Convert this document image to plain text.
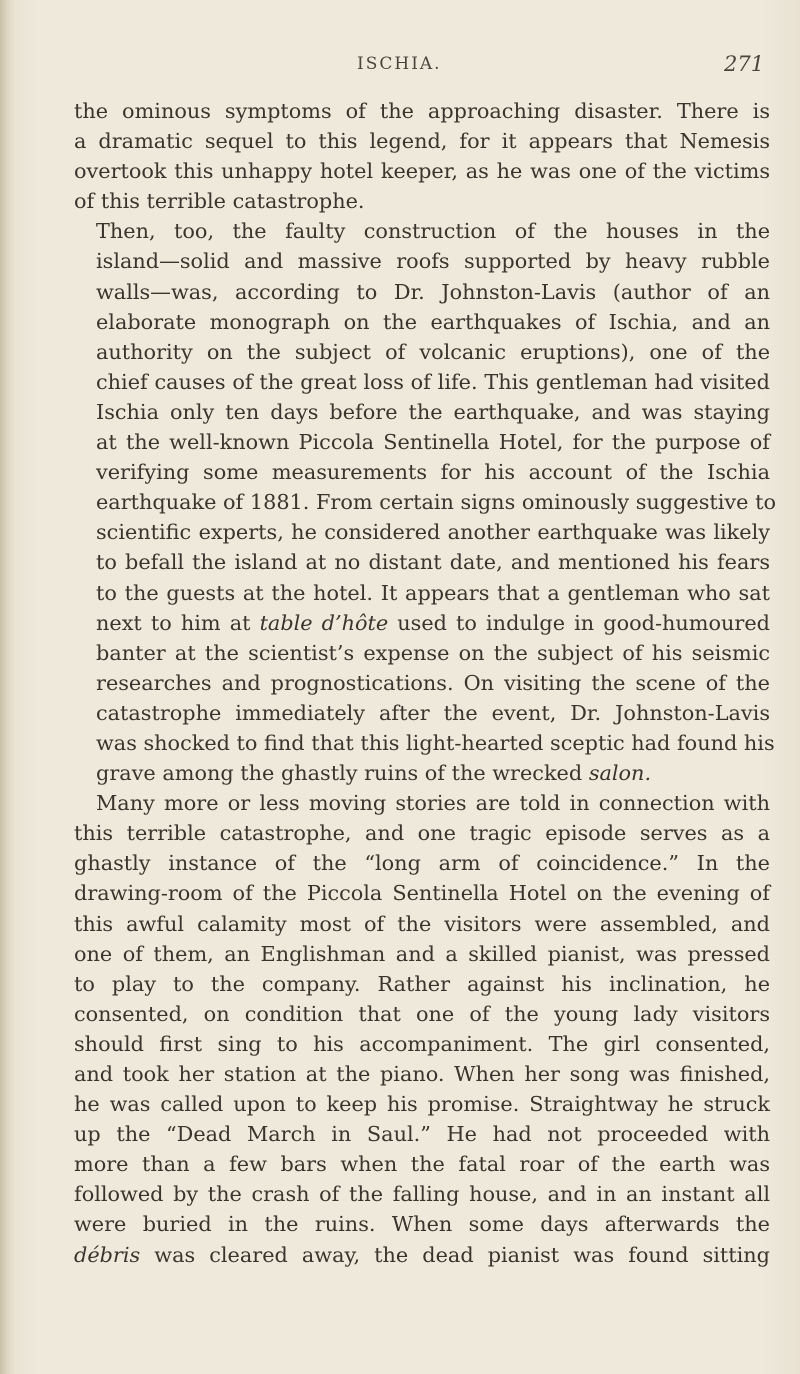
ISCHIA.	271

the ominous symptoms of the approaching disaster. There is
a dramatic sequel to this legend, for it appears that Nemesis
overtook this unhappy hotel keeper, as he was one of the victims
of this terrible catastrophe.

Then, too, the faulty construction of the houses in the
island—solid and massive roofs supported by heavy rubble
walls—was, according to Dr. Johnston-Lavis (author of an
elaborate monograph on the earthquakes of Ischia, and an
authority on the subject of volcanic eruptions), one of the
chief causes of the great loss of life. This gentleman had visited
Ischia only ten days before the earthquake, and was staying
at the well-known Piccola Sentinella Hotel, for the purpose of
verifying some measurements for his account of the Ischia
earthquake of 1881. From certain signs ominously suggestive to
scientific experts, he considered another earthquake was likely
to befall the island at no distant date, and mentioned his fears
to the guests at the hotel. It appears that a gentleman who sat
next to him at table d’hôte used to indulge in good-humoured
banter at the scientist’s expense on the subject of his seismic
researches and prognostications. On visiting the scene of the
catastrophe immediately after the event, Dr. Johnston-Lavis
was shocked to find that this light-hearted sceptic had found his
grave among the ghastly ruins of the wrecked salon.

Many more or less moving stories are told in connection with
this terrible catastrophe, and one tragic episode serves as a
ghastly instance of the “long arm of coincidence.” In the
drawing-room of the Piccola Sentinella Hotel on the evening of
this awful calamity most of the visitors were assembled, and
one of them, an Englishman and a skilled pianist, was pressed
to play to the company. Rather against his inclination, he
consented, on condition that one of the young lady visitors
should first sing to his accompaniment. The girl consented,
and took her station at the piano. When her song was finished,
he was called upon to keep his promise. Straightway he struck
up the “Dead March in Saul.” He had not proceeded with
more than a few bars when the fatal roar of the earth was
followed by the crash of the falling house, and in an instant all
were buried in the ruins. When some days afterwards the
débris was cleared away, the dead pianist was found sitting
